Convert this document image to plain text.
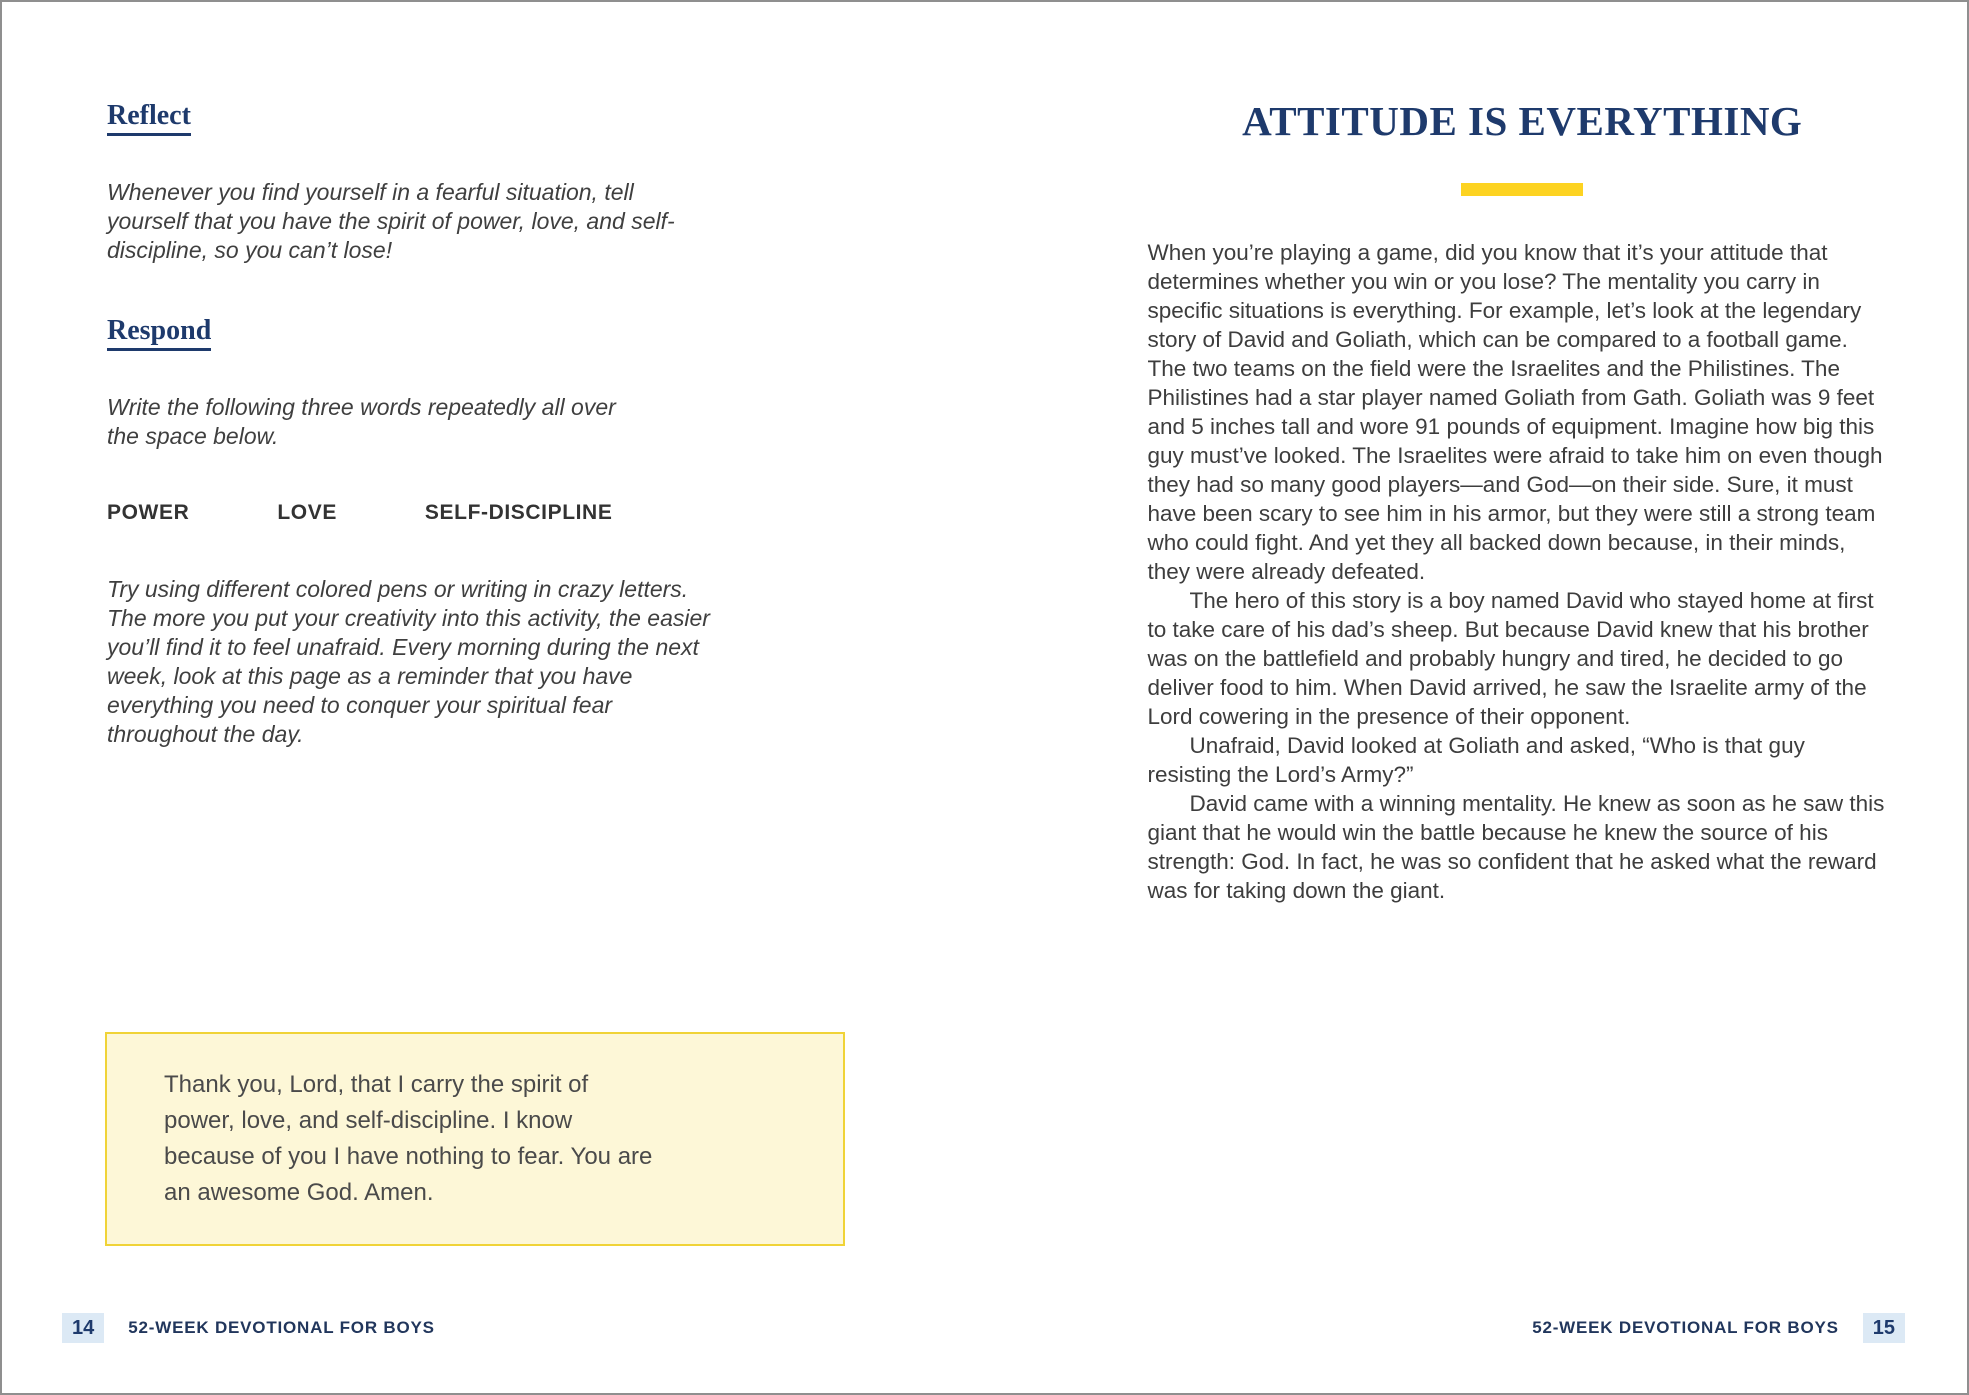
Reflect

Whenever you find yourself in a fearful situation, tell yourself that you have the spirit of power, love, and self-discipline, so you can’t lose!

Respond

Write the following three words repeatedly all over the space below.

POWER	LOVE	SELF-DISCIPLINE

Try using different colored pens or writing in crazy letters. The more you put your creativity into this activity, the easier you’ll find it to feel unafraid. Every morning during the next week, look at this page as a reminder that you have everything you need to conquer your spiritual fear throughout the day.

Thank you, Lord, that I carry the spirit of power, love, and self-discipline. I know because of you I have nothing to fear. You are an awesome God. Amen.

14	52-WEEK DEVOTIONAL FOR BOYS
ATTITUDE IS EVERYTHING

When you’re playing a game, did you know that it’s your attitude that determines whether you win or you lose? The mentality you carry in specific situations is everything. For example, let’s look at the legendary story of David and Goliath, which can be compared to a football game. The two teams on the field were the Israelites and the Philistines. The Philistines had a star player named Goliath from Gath. Goliath was 9 feet and 5 inches tall and wore 91 pounds of equipment. Imagine how big this guy must’ve looked. The Israelites were afraid to take him on even though they had so many good players—and God—on their side. Sure, it must have been scary to see him in his armor, but they were still a strong team who could fight. And yet they all backed down because, in their minds, they were already defeated.

The hero of this story is a boy named David who stayed home at first to take care of his dad’s sheep. But because David knew that his brother was on the battlefield and probably hungry and tired, he decided to go deliver food to him. When David arrived, he saw the Israelite army of the Lord cowering in the presence of their opponent.

Unafraid, David looked at Goliath and asked, “Who is that guy resisting the Lord’s Army?”

David came with a winning mentality. He knew as soon as he saw this giant that he would win the battle because he knew the source of his strength: God. In fact, he was so confident that he asked what the reward was for taking down the giant.

52-WEEK DEVOTIONAL FOR BOYS	15
